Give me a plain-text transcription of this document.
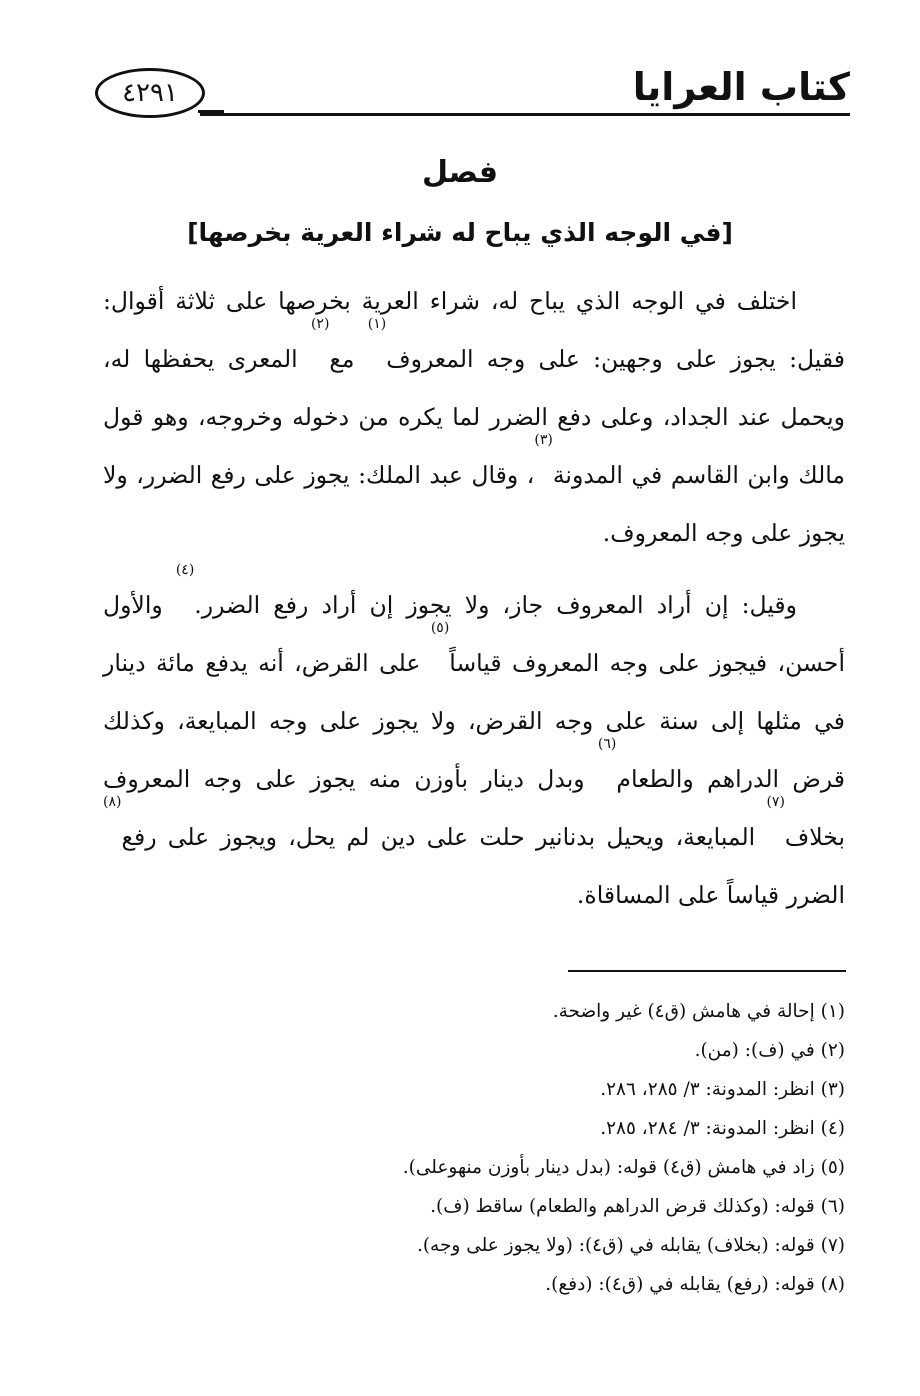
كتاب العرايا
٤٢٩١
فصل
[في الوجه الذي يباح له شراء العرية بخرصها]

اختلف في الوجه الذي يباح له، شراء العرية بخرصها على ثلاثة أقوال: فقيل: يجوز على وجهين: على وجه المعروف$^{(١)}$ مع$^{(٢)}$ المعرى يحفظها له، ويحمل عند الجداد، وعلى دفع الضرر لما يكره من دخوله وخروجه، وهو قول مالك وابن القاسم في المدونة$^{(٣)}$، وقال عبد الملك: يجوز على رفع الضرر، ولا يجوز على وجه المعروف.

وقيل: إن أراد المعروف جاز، ولا يجوز إن أراد رفع الضرر.$^{(٤)}$ والأول أحسن، فيجوز على وجه المعروف قياساً$^{(٥)}$ على القرض، أنه يدفع مائة دينار في مثلها إلى سنة على وجه القرض، ولا يجوز على وجه المبايعة، وكذلك قرض الدراهم والطعام$^{(٦)}$ وبدل دينار بأوزن منه يجوز على وجه المعروف بخلاف$^{(٧)}$ المبايعة، ويحيل بدنانير حلت على دين لم يحل، ويجوز على رفع$^{(٨)}$ الضرر قياساً على المساقاة.

(١) إحالة في هامش (ق٤) غير واضحة.
(٢) في (ف): (من).
(٣) انظر: المدونة: ٣/ ٢٨٥، ٢٨٦.
(٤) انظر: المدونة: ٣/ ٢٨٤، ٢٨٥.
(٥) زاد في هامش (ق٤) قوله: (بدل دينار بأوزن منهوعلى).
(٦) قوله: (وكذلك قرض الدراهم والطعام) ساقط (ف).
(٧) قوله: (بخلاف) يقابله في (ق٤): (ولا يجوز على وجه).
(٨) قوله: (رفع) يقابله في (ق٤): (دفع).
